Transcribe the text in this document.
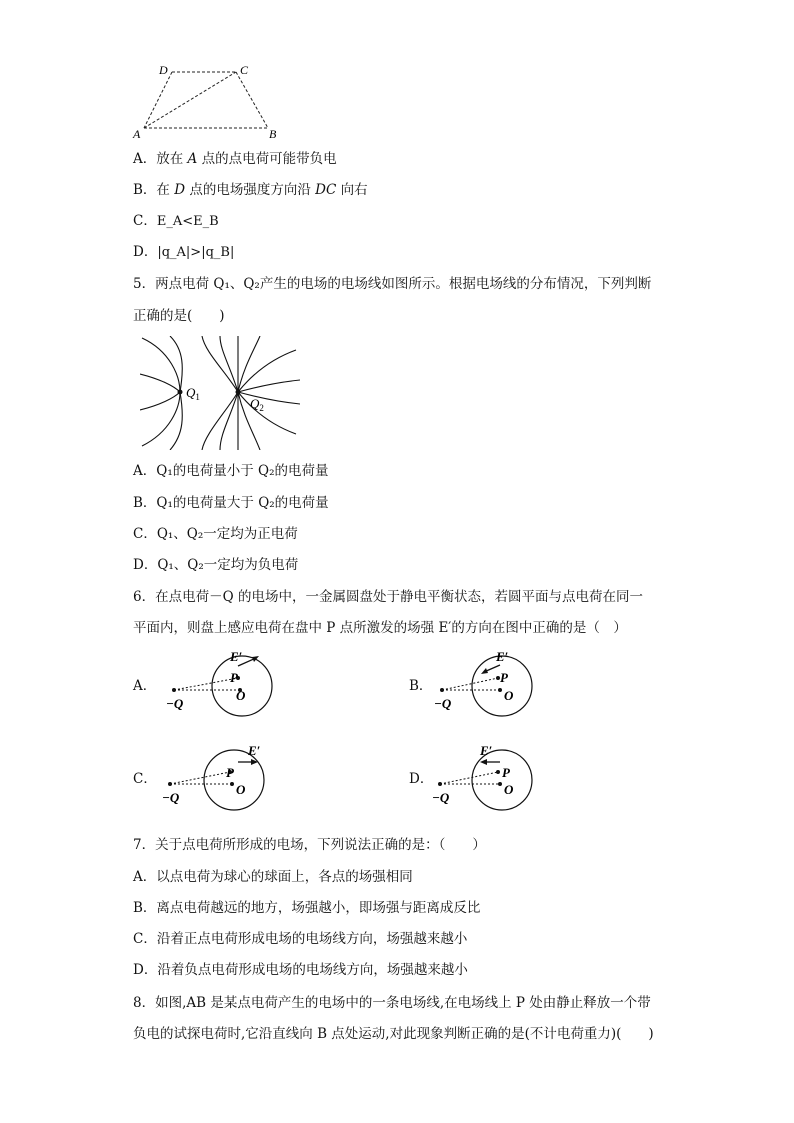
D	C
A	B
A．放在 A 点的点电荷可能带负电
B．在 D 点的电场强度方向沿 DC 向右
C．E_A<E_B
D．|q_A|>|q_B|
5．两点电荷 Q₁、Q₂产生的电场的电场线如图所示。根据电场线的分布情况，下列判断
正确的是(　　)
$Q_1$	$Q_2$
A．Q₁的电荷量小于 Q₂的电荷量
B．Q₁的电荷量大于 Q₂的电荷量
C．Q₁、Q₂一定均为正电荷
D．Q₁、Q₂一定均为负电荷
6．在点电荷－Q 的电场中，一金属圆盘处于静电平衡状态，若圆平面与点电荷在同一
平面内，则盘上感应电荷在盘中 P 点所激发的场强 E′的方向在图中正确的是（　）
A．
E′
P
O
−Q
B．
E′
P
O
−Q
C．
E′
P
O
−Q
D．
E′
P
O
−Q
7．关于点电荷所形成的电场，下列说法正确的是：（　　）
A．以点电荷为球心的球面上，各点的场强相同
B．离点电荷越远的地方，场强越小，即场强与距离成反比
C．沿着正点电荷形成电场的电场线方向，场强越来越小
D．沿着负点电荷形成电场的电场线方向，场强越来越小
8．如图,AB 是某点电荷产生的电场中的一条电场线,在电场线上 P 处由静止释放一个带
负电的试探电荷时,它沿直线向 B 点处运动,对此现象判断正确的是(不计电荷重力)(　　)
